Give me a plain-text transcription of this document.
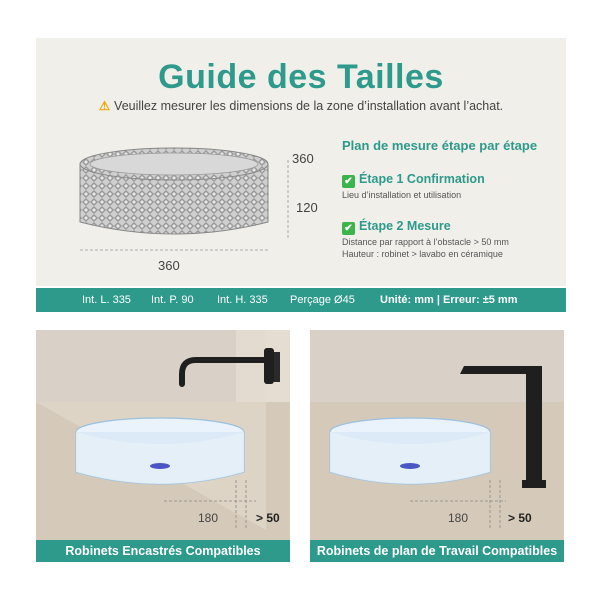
Guide des Tailles
⚠ Veuillez mesurer les dimensions de la zone d’installation avant l’achat.
360
120
360
Plan de mesure étape par étape
✔ Étape 1 Confirmation
Lieu d’installation et utilisation
✔ Étape 2 Mesure
Distance par rapport à l’obstacle > 50 mm
Hauteur : robinet > lavabo en céramique
Int. L. 335 Int. P. 90 Int. H. 335 Perçage Ø45 Unité: mm | Erreur: ±5 mm
180	> 50
Robinets Encastrés Compatibles
180	> 50
Robinets de plan de Travail Compatibles
